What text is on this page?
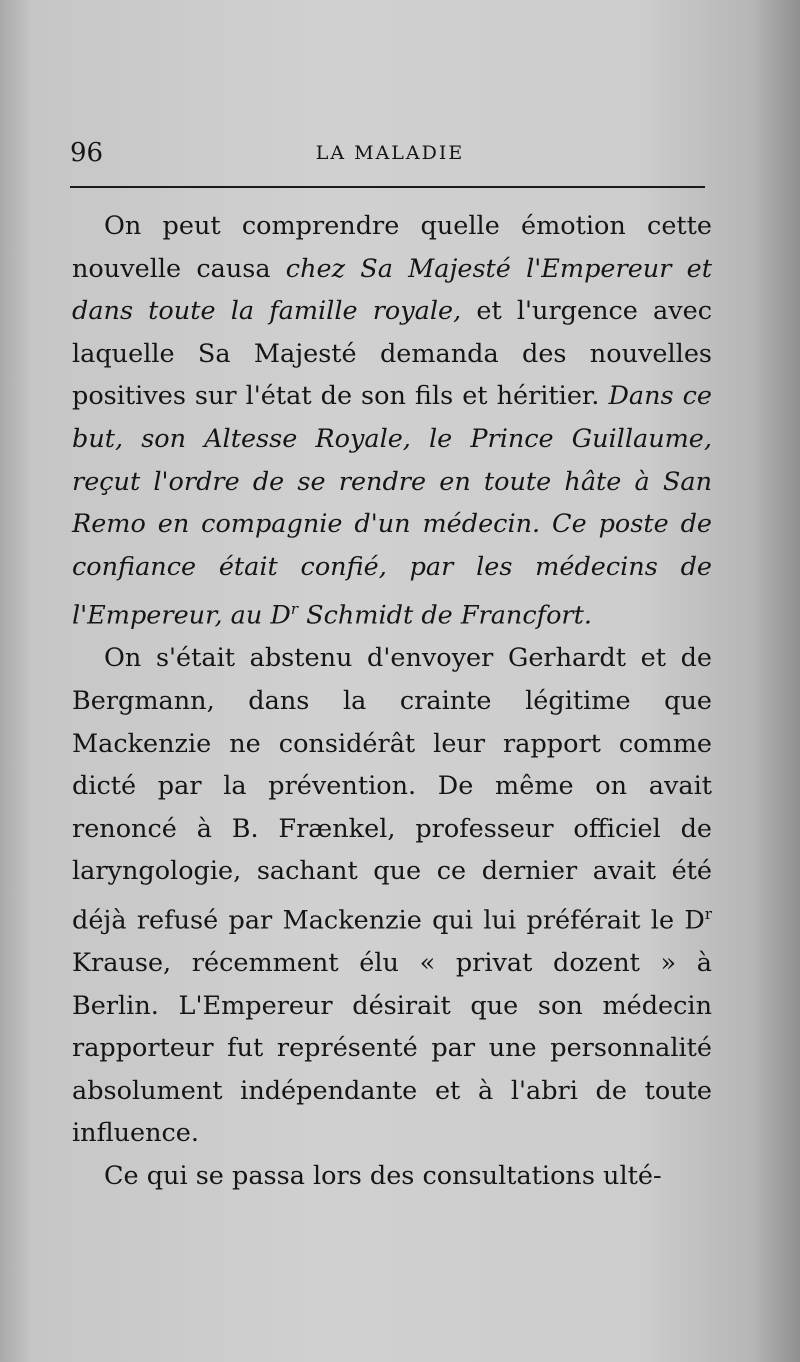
96	LA MALADIE

On peut comprendre quelle émotion cette nouvelle causa chez Sa Majesté l'Empereur et dans toute la famille royale, et l'urgence avec laquelle Sa Majesté demanda des nouvelles positives sur l'état de son fils et héritier. Dans ce but, son Altesse Royale, le Prince Guillaume, reçut l'ordre de se rendre en toute hâte à San Remo en compagnie d'un médecin. Ce poste de confiance était confié, par les médecins de l'Empereur, au $D^r$ Schmidt de Francfort.

On s'était abstenu d'envoyer Gerhardt et de Bergmann, dans la crainte légitime que Mackenzie ne considérât leur rapport comme dicté par la prévention. De même on avait renoncé à B. Frænkel, professeur officiel de laryngologie, sachant que ce dernier avait été déjà refusé par Mackenzie qui lui préférait le $D^r$ Krause, récemment élu « privat dozent » à Berlin. L'Empereur désirait que son médecin rapporteur fut représenté par une personnalité absolument indépendante et à l'abri de toute influence.

Ce qui se passa lors des consultations ulté-
